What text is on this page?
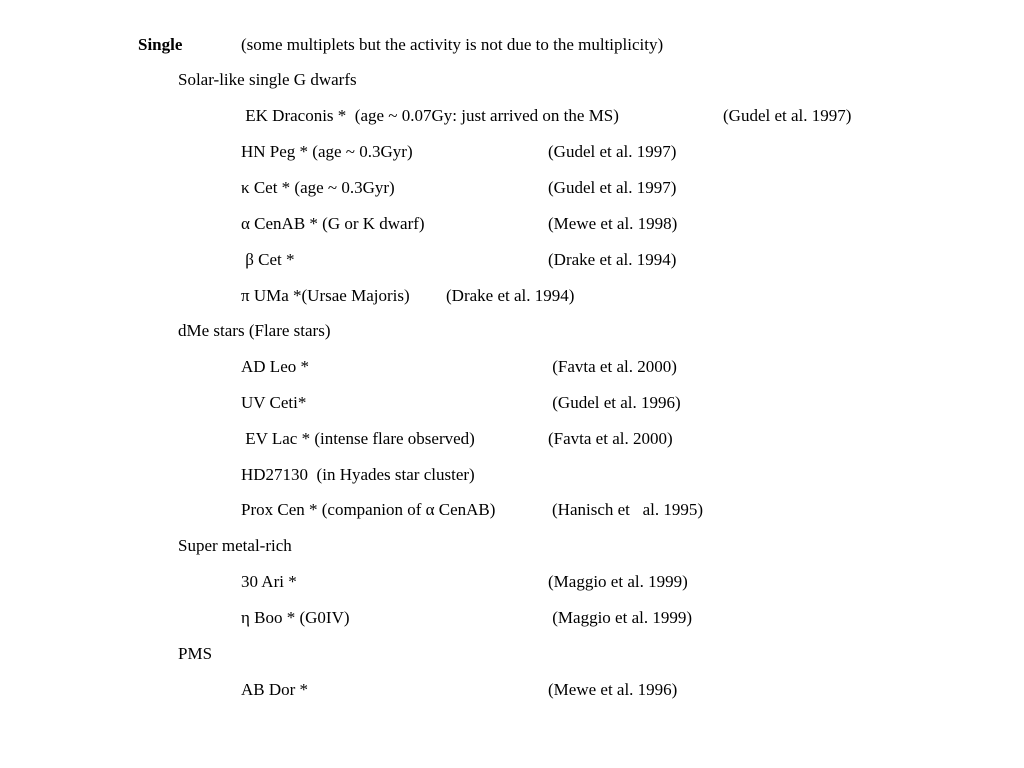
Single	(some multiplets but the activity is not due to the multiplicity)
Solar-like single G dwarfs
EK Draconis *  (age ~ 0.07Gy: just arrived on the MS)	(Gudel et al. 1997)
HN Peg * (age ~ 0.3Gyr)	(Gudel et al. 1997)
κ Cet * (age ~ 0.3Gyr)	(Gudel et al. 1997)
α CenAB * (G or K dwarf)	(Mewe et al. 1998)
β Cet *	(Drake et al. 1994)
π UMa *(Ursae Majoris) (Drake et al. 1994)
dMe stars (Flare stars)
AD Leo *	(Favta et al. 2000)
UV Ceti*	(Gudel et al. 1996)
EV Lac * (intense flare observed)	(Favta et al. 2000)
HD27130  (in Hyades star cluster)
Prox Cen * (companion of α CenAB)	(Hanisch et   al. 1995)
Super metal-rich
30 Ari *	(Maggio et al. 1999)
η Boo * (G0IV)	(Maggio et al. 1999)
PMS
AB Dor *	(Mewe et al. 1996)
